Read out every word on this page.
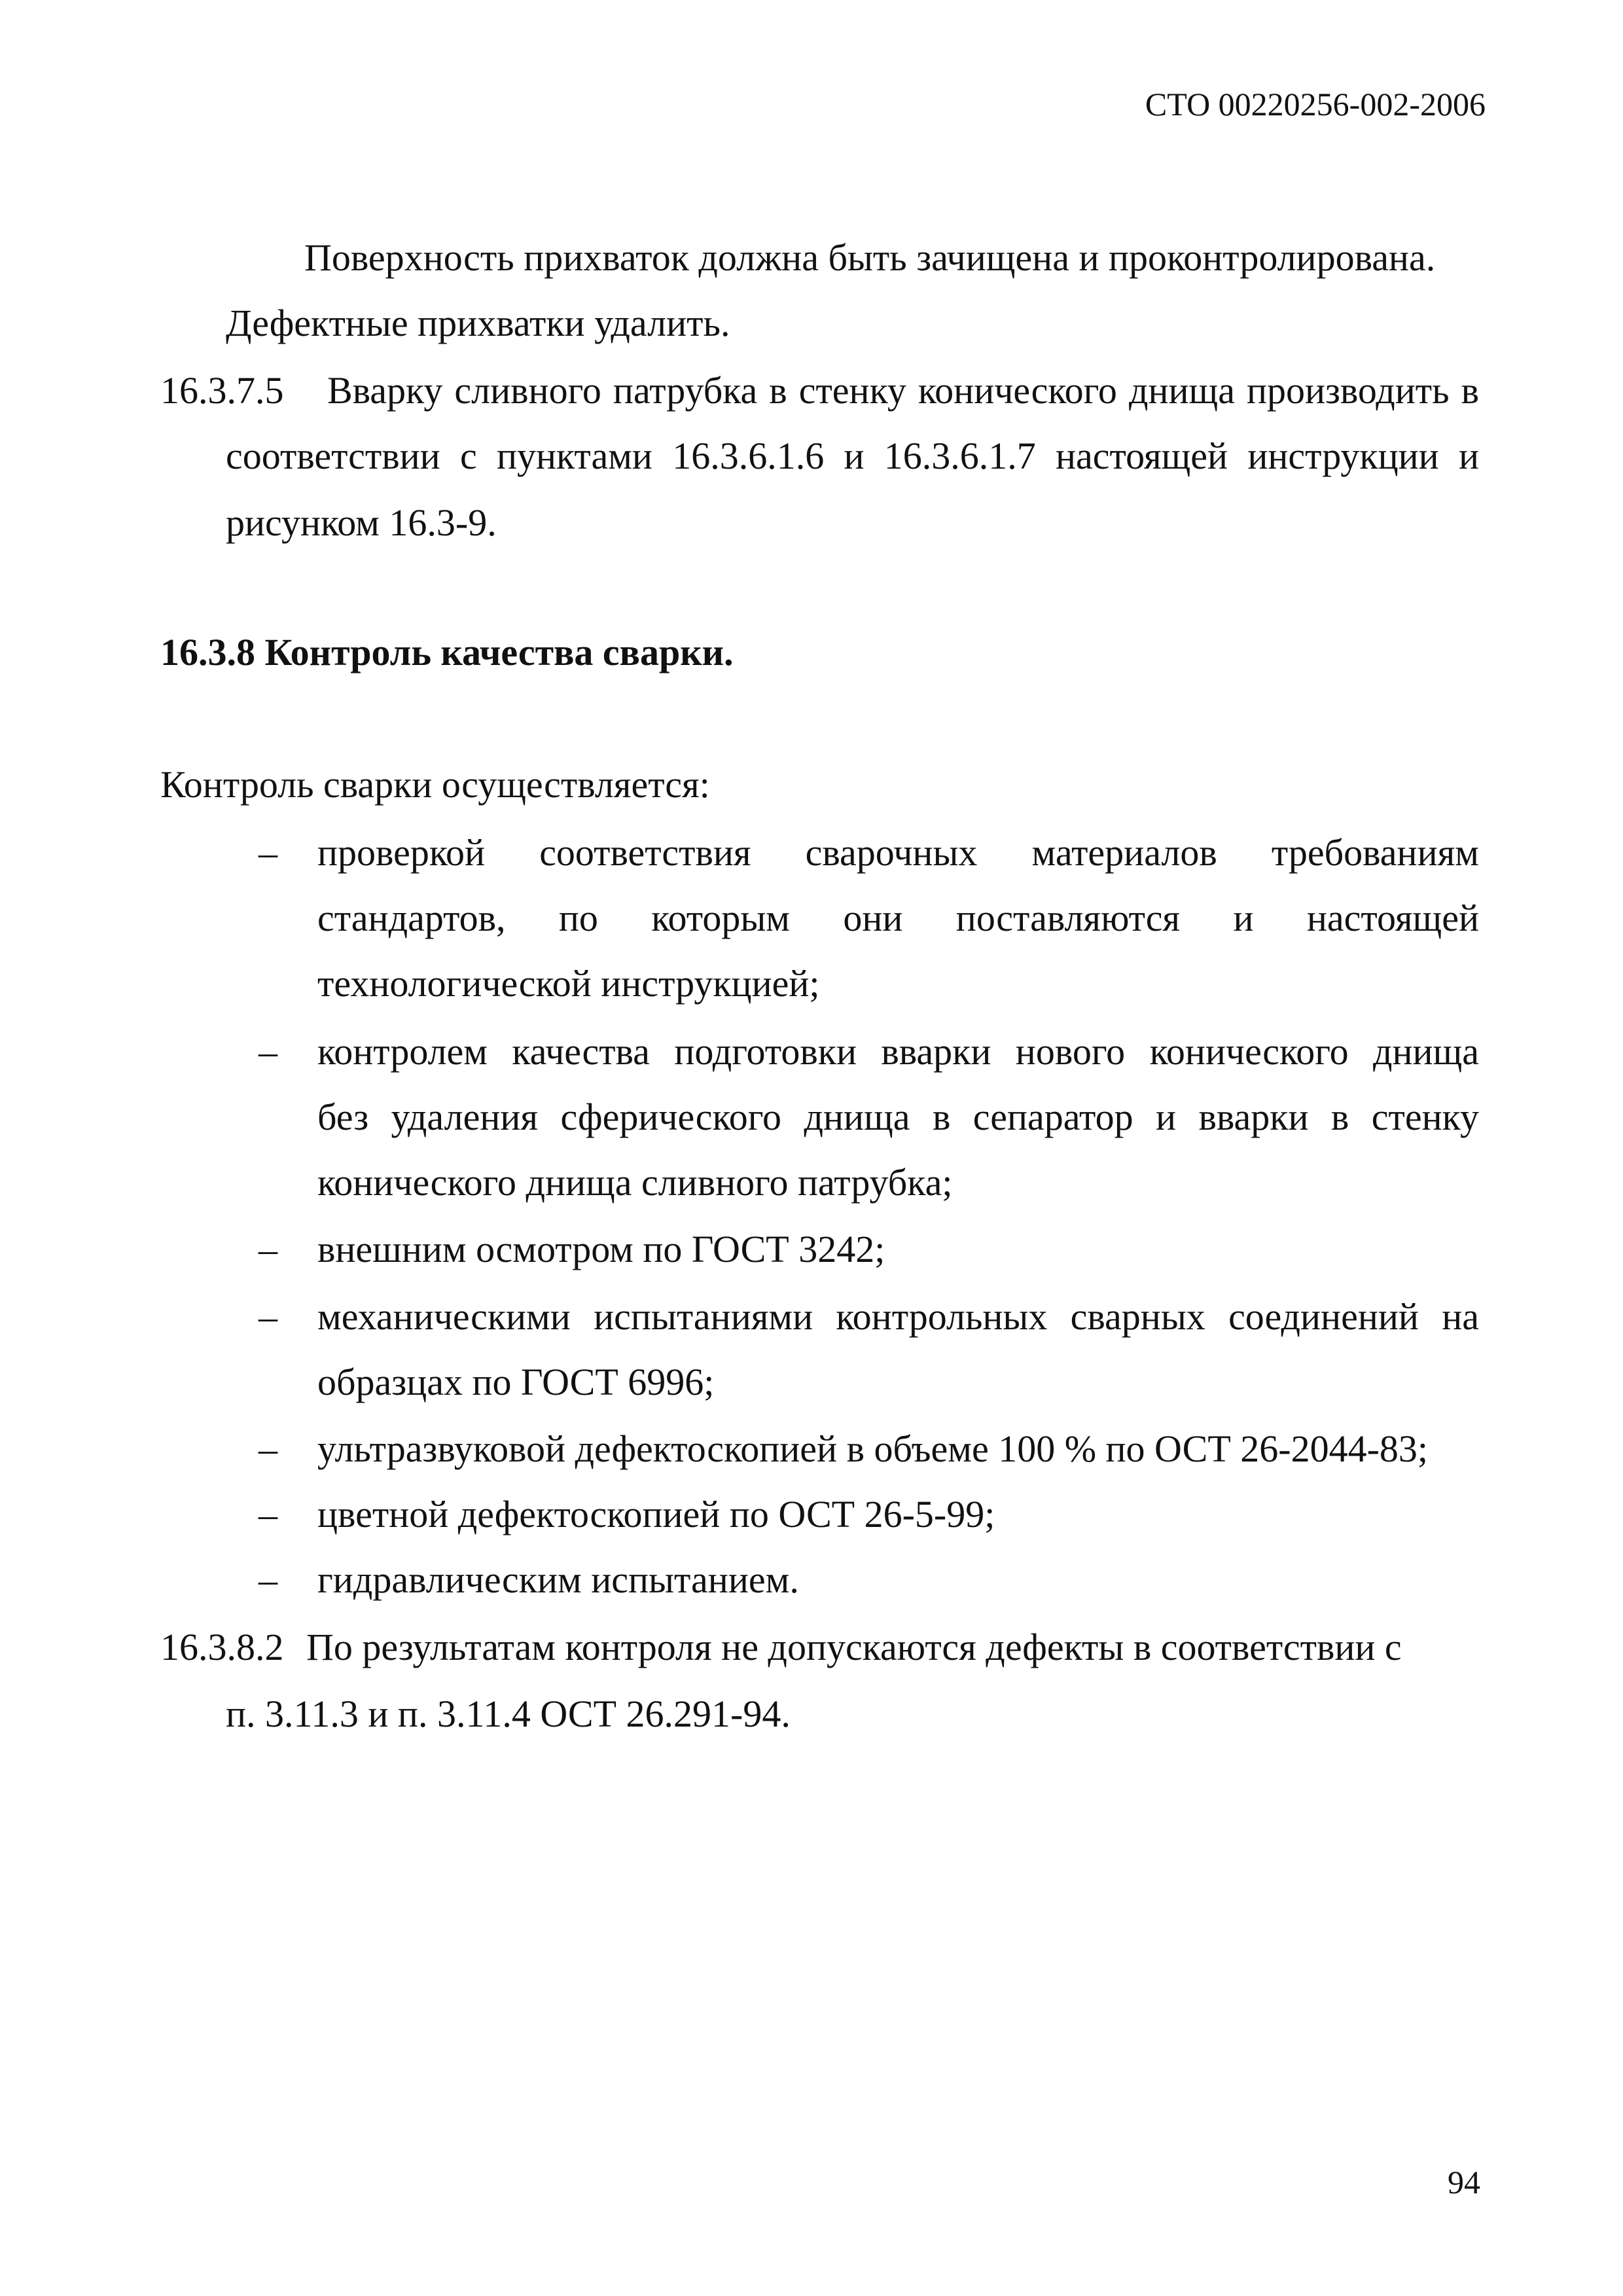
СТО 00220256-002-2006
Поверхность прихваток должна быть зачищена и проконтролирована.
Дефектные прихватки удалить.
16.3.7.5 Вварку сливного патрубка в стенку конического днища производить в
соответствии с пунктами 16.3.6.1.6 и 16.3.6.1.7 настоящей инструкции и
рисунком 16.3-9.
16.3.8 Контроль качества сварки.
Контроль сварки осуществляется:
– проверкой соответствия сварочных материалов требованиям
стандартов, по которым они поставляются и настоящей
технологической инструкцией;
– контролем качества подготовки вварки нового конического днища
без удаления сферического днища в сепаратор и вварки в стенку
конического днища сливного патрубка;
– внешним осмотром по ГОСТ 3242;
– механическими испытаниями контрольных сварных соединений на
образцах по ГОСТ 6996;
– ультразвуковой дефектоскопией в объеме 100 % по ОСТ 26-2044-83;
– цветной дефектоскопией по ОСТ 26-5-99;
– гидравлическим испытанием.
16.3.8.2 По результатам контроля не допускаются дефекты в соответствии с
п. 3.11.3 и п. 3.11.4 ОСТ 26.291-94.
94
